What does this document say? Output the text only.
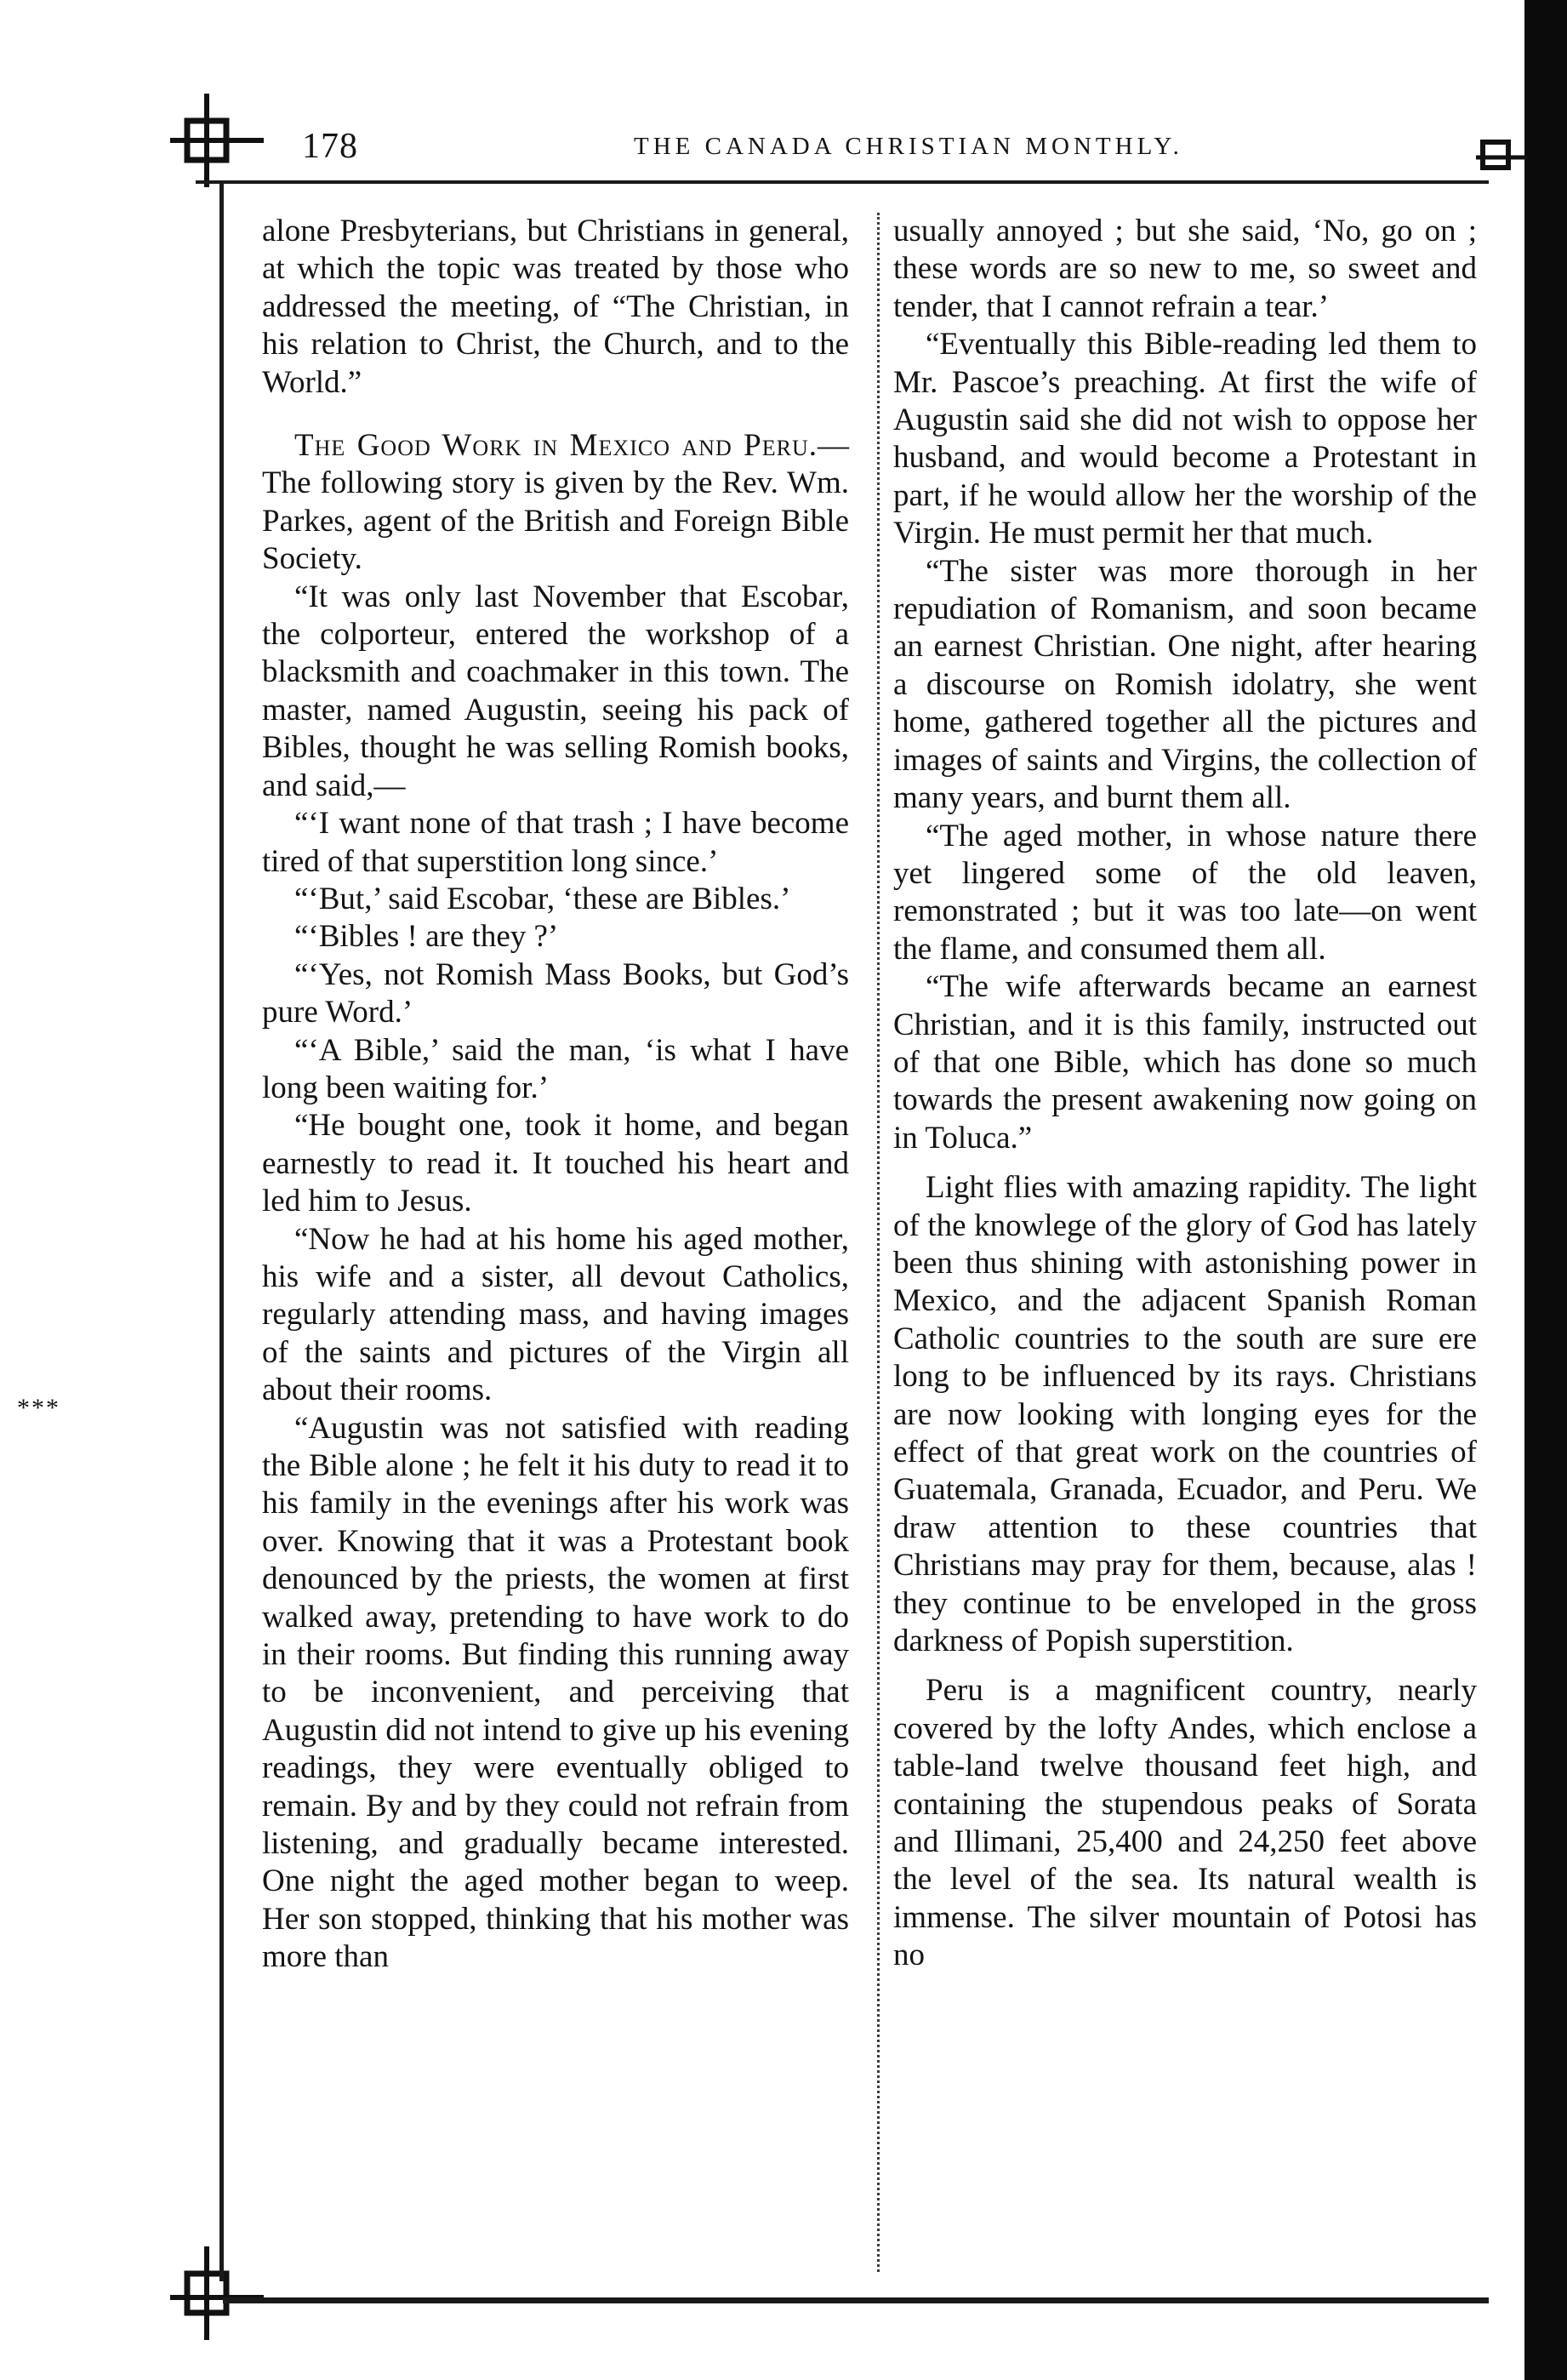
178	THE CANADA CHRISTIAN MONTHLY.
***

alone Presbyterians, but Christians in general, at which the topic was treated by those who addressed the meeting, of “The Christian, in his relation to Christ, the Church, and to the World.”

The Good Work in Mexico and Peru.—The following story is given by the Rev. Wm. Parkes, agent of the British and Foreign Bible Society.

“It was only last November that Escobar, the colporteur, entered the workshop of a blacksmith and coachmaker in this town. The master, named Augustin, seeing his pack of Bibles, thought he was selling Romish books, and said,—

“‘I want none of that trash ; I have become tired of that superstition long since.’

“‘But,’ said Escobar, ‘these are Bibles.’

“‘Bibles ! are they ?’

“‘Yes, not Romish Mass Books, but God’s pure Word.’

“‘A Bible,’ said the man, ‘is what I have long been waiting for.’

“He bought one, took it home, and began earnestly to read it. It touched his heart and led him to Jesus.

“Now he had at his home his aged mother, his wife and a sister, all devout Catholics, regularly attending mass, and having images of the saints and pictures of the Virgin all about their rooms.

“Augustin was not satisfied with reading the Bible alone ; he felt it his duty to read it to his family in the evenings after his work was over. Knowing that it was a Protestant book denounced by the priests, the women at first walked away, pretending to have work to do in their rooms. But finding this running away to be inconvenient, and perceiving that Augustin did not intend to give up his evening readings, they were eventually obliged to remain. By and by they could not refrain from listening, and gradually became interested. One night the aged mother began to weep. Her son stopped, thinking that his mother was more than

usually annoyed ; but she said, ‘No, go on ; these words are so new to me, so sweet and tender, that I cannot refrain a tear.’

“Eventually this Bible-reading led them to Mr. Pascoe’s preaching. At first the wife of Augustin said she did not wish to oppose her husband, and would become a Protestant in part, if he would allow her the worship of the Virgin. He must permit her that much.

“The sister was more thorough in her repudiation of Romanism, and soon became an earnest Christian. One night, after hearing a discourse on Romish idolatry, she went home, gathered together all the pictures and images of saints and Virgins, the collection of many years, and burnt them all.

“The aged mother, in whose nature there yet lingered some of the old leaven, remonstrated ; but it was too late—on went the flame, and consumed them all.

“The wife afterwards became an earnest Christian, and it is this family, instructed out of that one Bible, which has done so much towards the present awakening now going on in Toluca.”

Light flies with amazing rapidity. The light of the knowlege of the glory of God has lately been thus shining with astonishing power in Mexico, and the adjacent Spanish Roman Catholic countries to the south are sure ere long to be influenced by its rays. Christians are now looking with longing eyes for the effect of that great work on the countries of Guatemala, Granada, Ecuador, and Peru. We draw attention to these countries that Christians may pray for them, because, alas ! they continue to be enveloped in the gross darkness of Popish superstition.

Peru is a magnificent country, nearly covered by the lofty Andes, which enclose a table-land twelve thousand feet high, and containing the stupendous peaks of Sorata and Illimani, 25,400 and 24,250 feet above the level of the sea. Its natural wealth is immense. The silver mountain of Potosi has no
